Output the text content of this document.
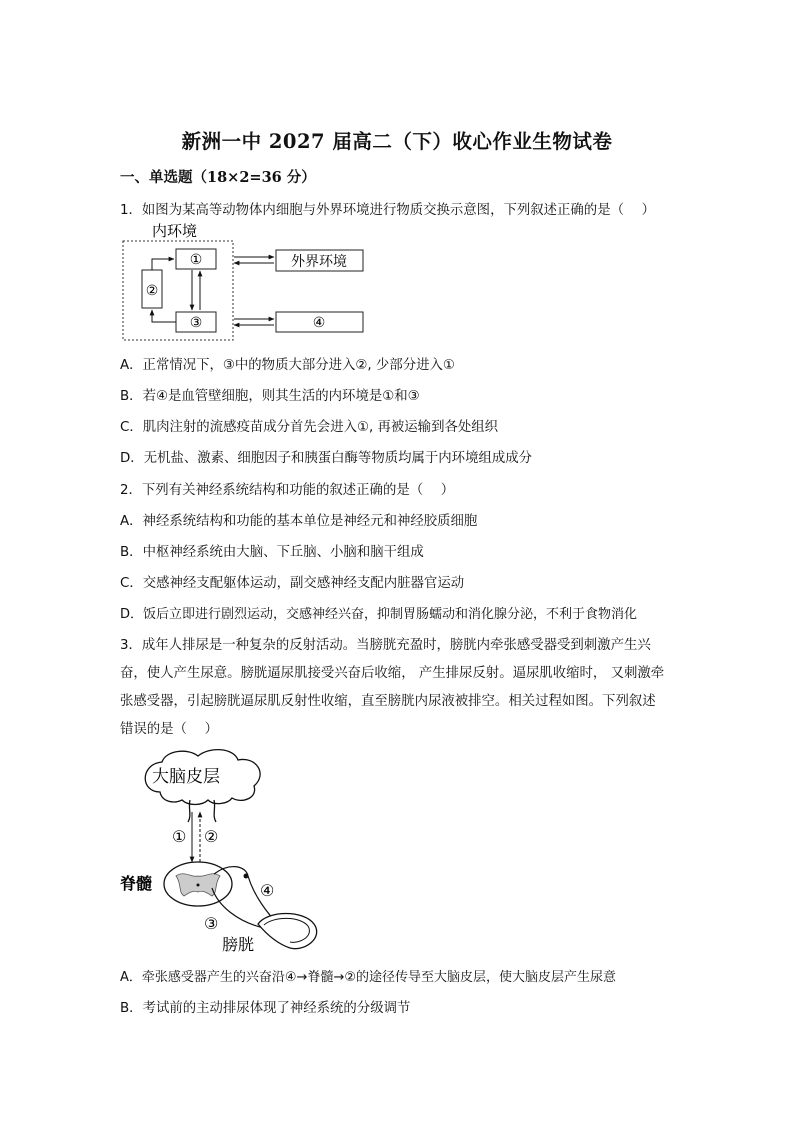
新洲一中 2027 届高二（下）收心作业生物试卷
一、单选题（18×2=36 分）
1．如图为某高等动物体内细胞与外界环境进行物质交换示意图，下列叙述正确的是（　 ）
内环境
①
②
③	④
外界环境
A．正常情况下，③中的物质大部分进入②, 少部分进入①
B．若④是血管壁细胞，则其生活的内环境是①和③
C．肌肉注射的流感疫苗成分首先会进入①, 再被运输到各处组织
D．无机盐、激素、细胞因子和胰蛋白酶等物质均属于内环境组成成分
2．下列有关神经系统结构和功能的叙述正确的是（　 ）
A．神经系统结构和功能的基本单位是神经元和神经胶质细胞
B．中枢神经系统由大脑、下丘脑、小脑和脑干组成
C．交感神经支配躯体运动，副交感神经支配内脏器官运动
D．饭后立即进行剧烈运动，交感神经兴奋，抑制胃肠蠕动和消化腺分泌，不利于食物消化
3．成年人排尿是一种复杂的反射活动。当膀胱充盈时，膀胱内牵张感受器受到刺激产生兴
奋，使人产生尿意。膀胱逼尿肌接受兴奋后收缩， 产生排尿反射。逼尿肌收缩时， 又刺激牵
张感受器，引起膀胱逼尿肌反射性收缩，直至膀胱内尿液被排空。相关过程如图。下列叙述
错误的是（　 ）
大脑皮层
① ②
脊髓	④
③
膀胱
A．牵张感受器产生的兴奋沿④→脊髓→②的途径传导至大脑皮层，使大脑皮层产生尿意
B．考试前的主动排尿体现了神经系统的分级调节
